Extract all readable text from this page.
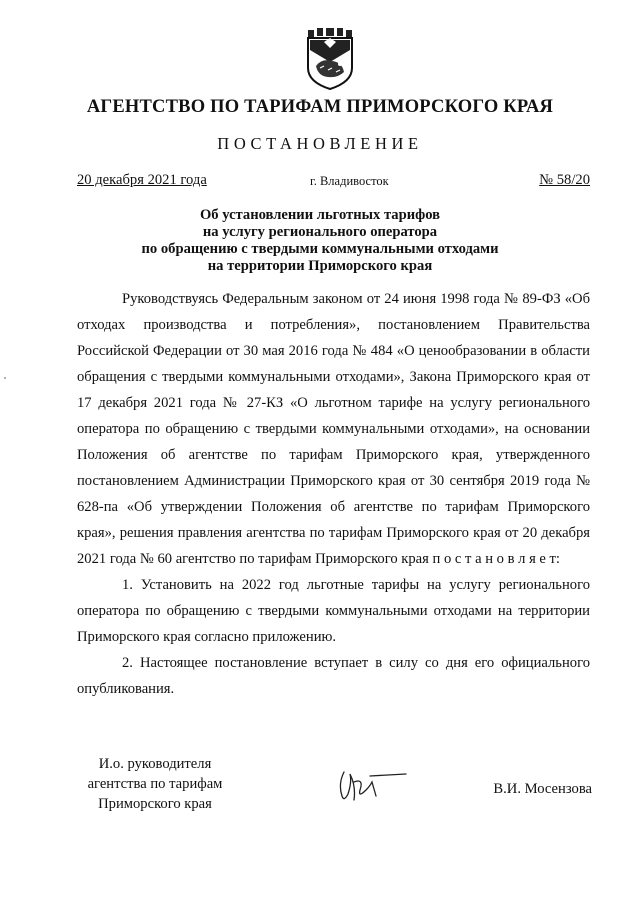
АГЕНТСТВО ПО ТАРИФАМ ПРИМОРСКОГО КРАЯ
ПОСТАНОВЛЕНИЕ
20 декабря 2021 года	г. Владивосток	№ 58/20
Об установлении льготных тарифов
на услугу регионального оператора
по обращению с твердыми коммунальными отходами
на территории Приморского края

Руководствуясь Федеральным законом от 24 июня 1998 года № 89-ФЗ «Об отходах производства и потребления», постановлением Правительства Российской Федерации от 30 мая 2016 года № 484 «О ценообразовании в области обращения с твердыми коммунальными отходами», Закона Приморского края от 17 декабря 2021 года № 27-КЗ «О льготном тарифе на услугу регионального оператора по обращению с твердыми коммунальными отходами», на основании Положения об агентстве по тарифам Приморского края, утвержденного постановлением Администрации Приморского края от 30 сентября 2019 года № 628-па «Об утверждении Положения об агентстве по тарифам Приморского края», решения правления агентства по тарифам Приморского края от 20 декабря 2021 года № 60 агентство по тарифам Приморского края п о с т а н о в л я е т:

1. Установить на 2022 год льготные тарифы на услугу регионального оператора по обращению с твердыми коммунальными отходами на территории Приморского края согласно приложению.

2. Настоящее постановление вступает в силу со дня его официального опубликования.

И.о. руководителя
агентства по тарифам
Приморского края
В.И. Мосензова
